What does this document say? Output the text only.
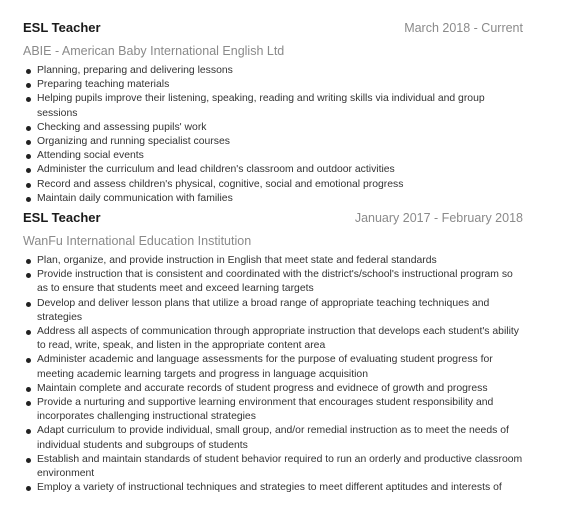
ESL Teacher	March 2018 - Current
ABIE - American Baby International English Ltd
Planning, preparing and delivering lessons
Preparing teaching materials
Helping pupils improve their listening, speaking, reading and writing skills via individual and group sessions
Checking and assessing pupils' work
Organizing and running specialist courses
Attending social events
Administer the curriculum and lead children's classroom and outdoor activities
Record and assess children's physical, cognitive, social and emotional progress
Maintain daily communication with families
ESL Teacher	January 2017 - February 2018
WanFu International Education Institution
Plan, organize, and provide instruction in English that meet state and federal standards
Provide instruction that is consistent and coordinated with the district's/school's instructional program so as to ensure that students meet and exceed learning targets
Develop and deliver lesson plans that utilize a broad range of appropriate teaching techniques and strategies
Address all aspects of communication through appropriate instruction that develops each student's ability to read, write, speak, and listen in the appropriate content area
Administer academic and language assessments for the purpose of evaluating student progress for meeting academic learning targets and progress in language acquisition
Maintain complete and accurate records of student progress and evidnece of growth and progress
Provide a nurturing and supportive learning environment that encourages student responsibility and incorporates challenging instructional strategies
Adapt curriculum to provide individual, small group, and/or remedial instruction as to meet the needs of individual students and subgroups of students
Establish and maintain standards of student behavior required to run an orderly and productive classroom environment
Employ a variety of instructional techniques and strategies to meet different aptitudes and interests of
